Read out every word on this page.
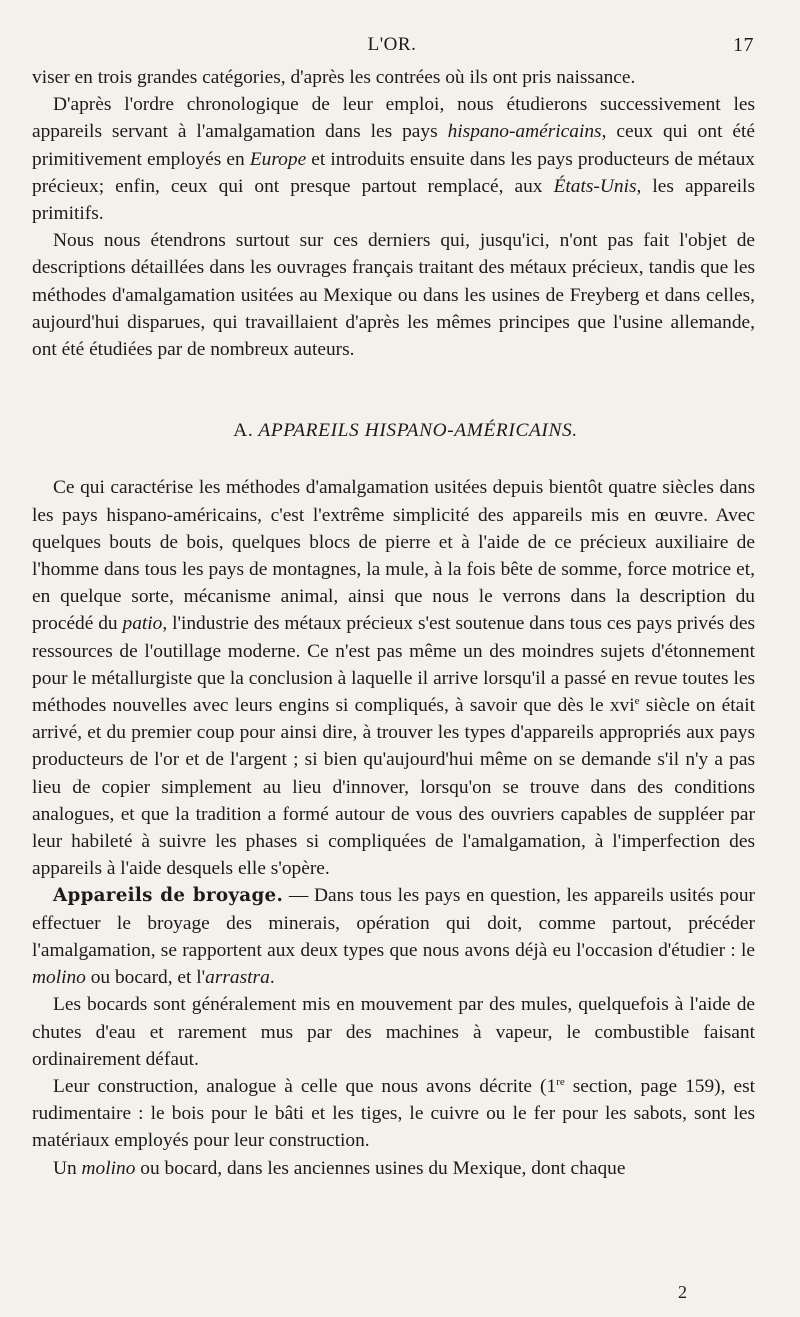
L'OR.	17

viser en trois grandes catégories, d'après les contrées où ils ont pris naissance.

D'après l'ordre chronologique de leur emploi, nous étudierons successivement les appareils servant à l'amalgamation dans les pays hispano-américains, ceux qui ont été primitivement employés en Europe et introduits ensuite dans les pays producteurs de métaux précieux; enfin, ceux qui ont presque partout remplacé, aux États-Unis, les appareils primitifs.

Nous nous étendrons surtout sur ces derniers qui, jusqu'ici, n'ont pas fait l'objet de descriptions détaillées dans les ouvrages français traitant des métaux précieux, tandis que les méthodes d'amalgamation usitées au Mexique ou dans les usines de Freyberg et dans celles, aujourd'hui disparues, qui travaillaient d'après les mêmes principes que l'usine allemande, ont été étudiées par de nombreux auteurs.

A. APPAREILS HISPANO-AMÉRICAINS.

Ce qui caractérise les méthodes d'amalgamation usitées depuis bientôt quatre siècles dans les pays hispano-américains, c'est l'extrême simplicité des appareils mis en œuvre. Avec quelques bouts de bois, quelques blocs de pierre et à l'aide de ce précieux auxiliaire de l'homme dans tous les pays de montagnes, la mule, à la fois bête de somme, force motrice et, en quelque sorte, mécanisme animal, ainsi que nous le verrons dans la description du procédé du patio, l'industrie des métaux précieux s'est soutenue dans tous ces pays privés des ressources de l'outillage moderne. Ce n'est pas même un des moindres sujets d'étonnement pour le métallurgiste que la conclusion à laquelle il arrive lorsqu'il a passé en revue toutes les méthodes nouvelles avec leurs engins si compliqués, à savoir que dès le xvi$^e$ siècle on était arrivé, et du premier coup pour ainsi dire, à trouver les types d'appareils appropriés aux pays producteurs de l'or et de l'argent ; si bien qu'aujourd'hui même on se demande s'il n'y a pas lieu de copier simplement au lieu d'innover, lorsqu'on se trouve dans des conditions analogues, et que la tradition a formé autour de vous des ouvriers capables de suppléer par leur habileté à suivre les phases si compliquées de l'amalgamation, à l'imperfection des appareils à l'aide desquels elle s'opère.

Appareils de broyage. — Dans tous les pays en question, les appareils usités pour effectuer le broyage des minerais, opération qui doit, comme partout, précéder l'amalgamation, se rapportent aux deux types que nous avons déjà eu l'occasion d'étudier : le molino ou bocard, et l'arrastra.

Les bocards sont généralement mis en mouvement par des mules, quelquefois à l'aide de chutes d'eau et rarement mus par des machines à vapeur, le combustible faisant ordinairement défaut.

Leur construction, analogue à celle que nous avons décrite (1re section, page 159), est rudimentaire : le bois pour le bâti et les tiges, le cuivre ou le fer pour les sabots, sont les matériaux employés pour leur construction.

Un molino ou bocard, dans les anciennes usines du Mexique, dont chaque

2
